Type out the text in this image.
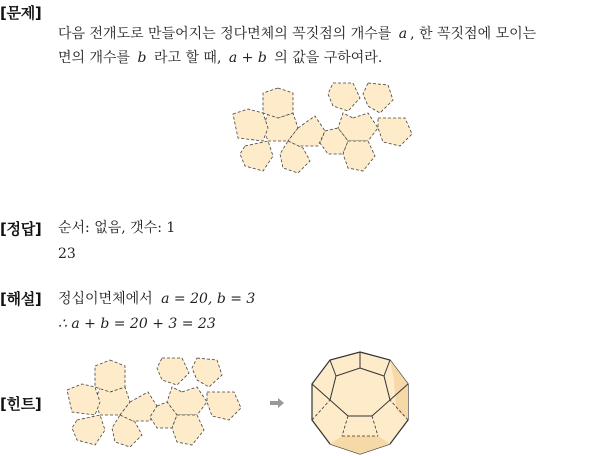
[문제]
다음 전개도로 만들어지는 정다면체의 꼭짓점의 개수를 a , 한 꼭짓점에 모이는
면의 개수를 b 라고 할 때, a + b 의 값을 구하여라.
[정답] 순서: 없음, 갯수: 1
23
[해설] 정십이면체에서 a = 20, b = 3
∴ a + b = 20 + 3 = 23
[힌트]
